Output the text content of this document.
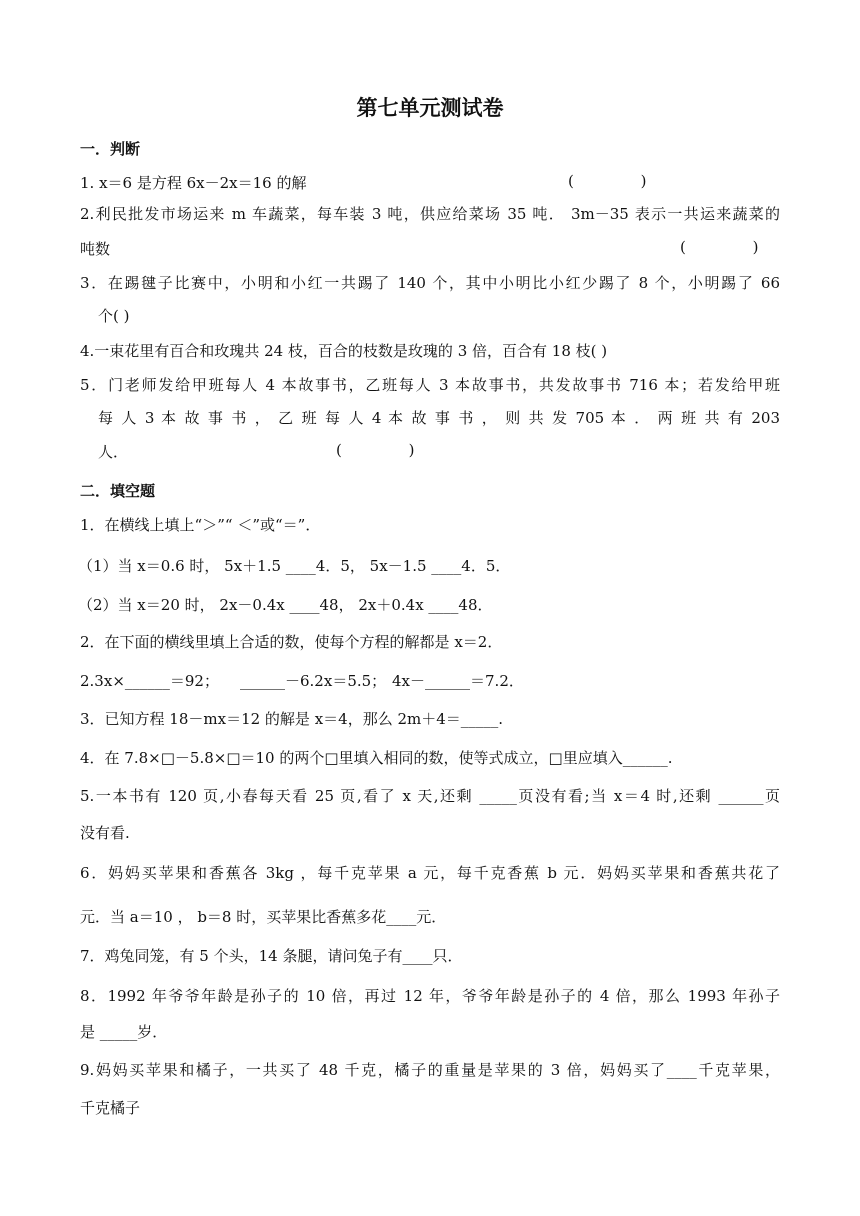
第七单元测试卷
一．判断
1. x＝6 是方程 6x－2x＝16 的解	(              )
2.利民批发市场运来 m 车蔬菜，每车装 3 吨，供应给菜场 35 吨． 3m－35 表示一共运来蔬菜的
吨数	(              )
3．在踢毽子比赛中，小明和小红一共踢了 140 个，其中小明比小红少踢了 8 个，小明踢了 66
个( )
4.一束花里有百合和玫瑰共 24 枝，百合的枝数是玫瑰的 3 倍，百合有 18 枝( )
5．门老师发给甲班每人 4 本故事书，乙班每人 3 本故事书，共发故事书 716 本；若发给甲班
每 人 3 本 故 事 书 ， 乙 班 每 人 4 本 故 事 书 ， 则 共 发 705 本 ． 两 班 共 有 203
人．	(              )
二．填空题
1．在横线上填上“＞”“ ＜”或“＝”．
（1）当 x＝0.6 时， 5x＋1.5 ____4．5， 5x－1.5 ____4．5．
（2）当 x＝20 时， 2x－0.4x ____48， 2x＋0.4x ____48．
2．在下面的横线里填上合适的数，使每个方程的解都是 x＝2．
2.3x×______＝92； ______－6.2x＝5.5； 4x－______＝7.2．
3．已知方程 18－mx＝12 的解是 x＝4，那么 2m＋4＝_____.
4．在 7.8×□－5.8×□＝10 的两个□里填入相同的数，使等式成立，□里应填入______.
5.一本书有 120 页,小春每天看 25 页,看了 x 天,还剩 _____页没有看;当 x＝4 时,还剩 ______页
没有看.
6．妈妈买苹果和香蕉各 3kg ，每千克苹果 a 元，每千克香蕉 b 元．妈妈买苹果和香蕉共花了
元．当 a＝10 ， b＝8 时，买苹果比香蕉多花____元．
7．鸡兔同笼，有 5 个头，14 条腿，请问兔子有____只．
8．1992 年爷爷年龄是孙子的 10 倍，再过 12 年，爷爷年龄是孙子的 4 倍，那么 1993 年孙子
是 _____岁．
9.妈妈买苹果和橘子，一共买了 48 千克，橘子的重量是苹果的 3 倍，妈妈买了____千克苹果，
千克橘子
